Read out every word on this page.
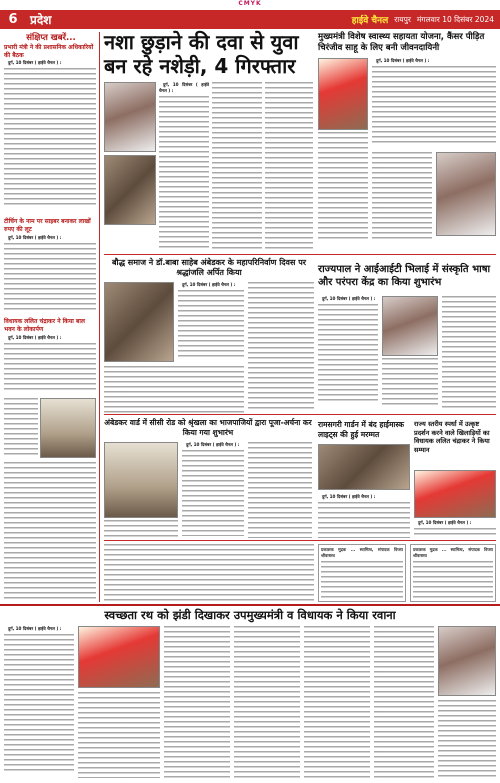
CMYK
6	प्रदेश	हाईवे चैनल रायपुर मंगलवार 10 दिसंबर 2024
संक्षिप्त खबरें...
प्रभारी मंत्री ने की प्रशासनिक अधिकारियों की बैठक

दुर्ग, 10 दिसंबर ( हाईवे चैनल ) :

टीचिंग के नाम पर साइबर बनाकर लाखों रुपए की लूट

दुर्ग, 10 दिसंबर ( हाईवे चैनल ) :

विधायक ललित चंद्राकर ने किया बाल भवन के लोकार्पण

दुर्ग, 10 दिसंबर ( हाईवे चैनल ) :

नशा छुड़ाने की दवा से युवा बन रहे नशेड़ी, 4 गिरफ्तार

दुर्ग, 10 दिसंबर ( हाईवे चैनल ) :

मुख्यमंत्री विशेष स्वास्थ्य सहायता योजना, कैंसर पीड़ित चिरंजीव साहू के लिए बनी जीवनदायिनी

दुर्ग, 10 दिसंबर ( हाईवे चैनल ) :

बौद्ध समाज ने डॉ.बाबा साहेब अंबेडकर के महापरिनिर्वाण दिवस पर श्रद्धांजलि अर्पित किया

दुर्ग, 10 दिसंबर ( हाईवे चैनल ) :

राज्यपाल ने आईआईटी भिलाई में संस्कृति भाषा और परंपरा केंद्र का किया शुभारंभ

दुर्ग, 10 दिसंबर ( हाईवे चैनल ) :

अंबेडकर वार्ड में सीसी रोड को श्रृंखला का भाजपाजियों द्वारा पूजा-अर्चना कर किया गया शुभारंभ

दुर्ग, 10 दिसंबर ( हाईवे चैनल ) :

रामसगरी गार्डन में बंद हाईमास्क लाइट्स की हुई मरम्मत

दुर्ग, 10 दिसंबर ( हाईवे चैनल ) :

राज्य स्तरीय स्पर्धा में उत्कृष्ट प्रदर्शन करने वाले खिलाड़ियों का विधायक ललित चंद्राकर ने किया सम्मान

दुर्ग, 10 दिसंबर ( हाईवे चैनल ) :

प्रकाशक मुद्रक ... स्वामित्व, संपादक विजय श्रीवास्तव

प्रकाशक मुद्रक ... स्वामित्व, संपादक विजय श्रीवास्तव

स्वच्छता रथ को झंडी दिखाकर उपमुख्यमंत्री व विधायक ने किया रवाना

दुर्ग, 10 दिसंबर ( हाईवे चैनल ) :
